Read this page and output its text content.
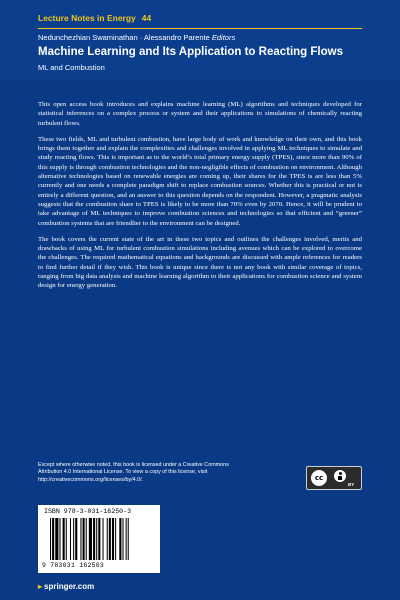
Lecture Notes in Energy 44
Nedunchezhian Swaminathan · Alessandro Parente Editors
Machine Learning and Its Application to Reacting Flows
ML and Combustion

This open access book introduces and explains machine learning (ML) algorithms and techniques developed for statistical inferences on a complex process or system and their applications to simulations of chemically reacting turbulent flows.

These two fields, ML and turbulent combustion, have large body of work and knowledge on their own, and this book brings them together and explain the complexities and challenges involved in applying ML techniques to simulate and study reacting flows. This is important as to the world’s total primary energy supply (TPES), since more than 90% of this supply is through combustion technologies and the non-negligible effects of combustion on environment. Although alternative technologies based on renewable energies are coming up, their shares for the TPES is are less than 5% currently and one needs a complete paradigm shift to replace combustion sources. Whether this is practical or not is entirely a different question, and an answer to this question depends on the respondent. However, a pragmatic analysis suggests that the combustion share to TPES is likely to be more than 70% even by 2070. Hence, it will be prudent to take advantage of ML techniques to improve combustion sciences and technologies so that efficient and “greener” combustion systems that are friendlier to the environment can be designed.

The book covers the current state of the art in these two topics and outlines the challenges involved, merits and drawbacks of using ML for turbulent combustion simulations including avenues which can be explored to overcome the challenges. The required mathematical equations and backgrounds are discussed with ample references for readers to find further detail if they wish. This book is unique since there is not any book with similar coverage of topics, ranging from big data analysis and machine learning algorithm to their applications for combustion science and system design for energy generation.

Except where otherwise noted, this book is licensed under a Creative Commons Attribution 4.0 International License. To view a copy of this license, visit http://creativecommons.org/licenses/by/4.0/.	cc
BY
ISBN 978-3-031-16250-3
9 783031 162503
▸ springer.com
